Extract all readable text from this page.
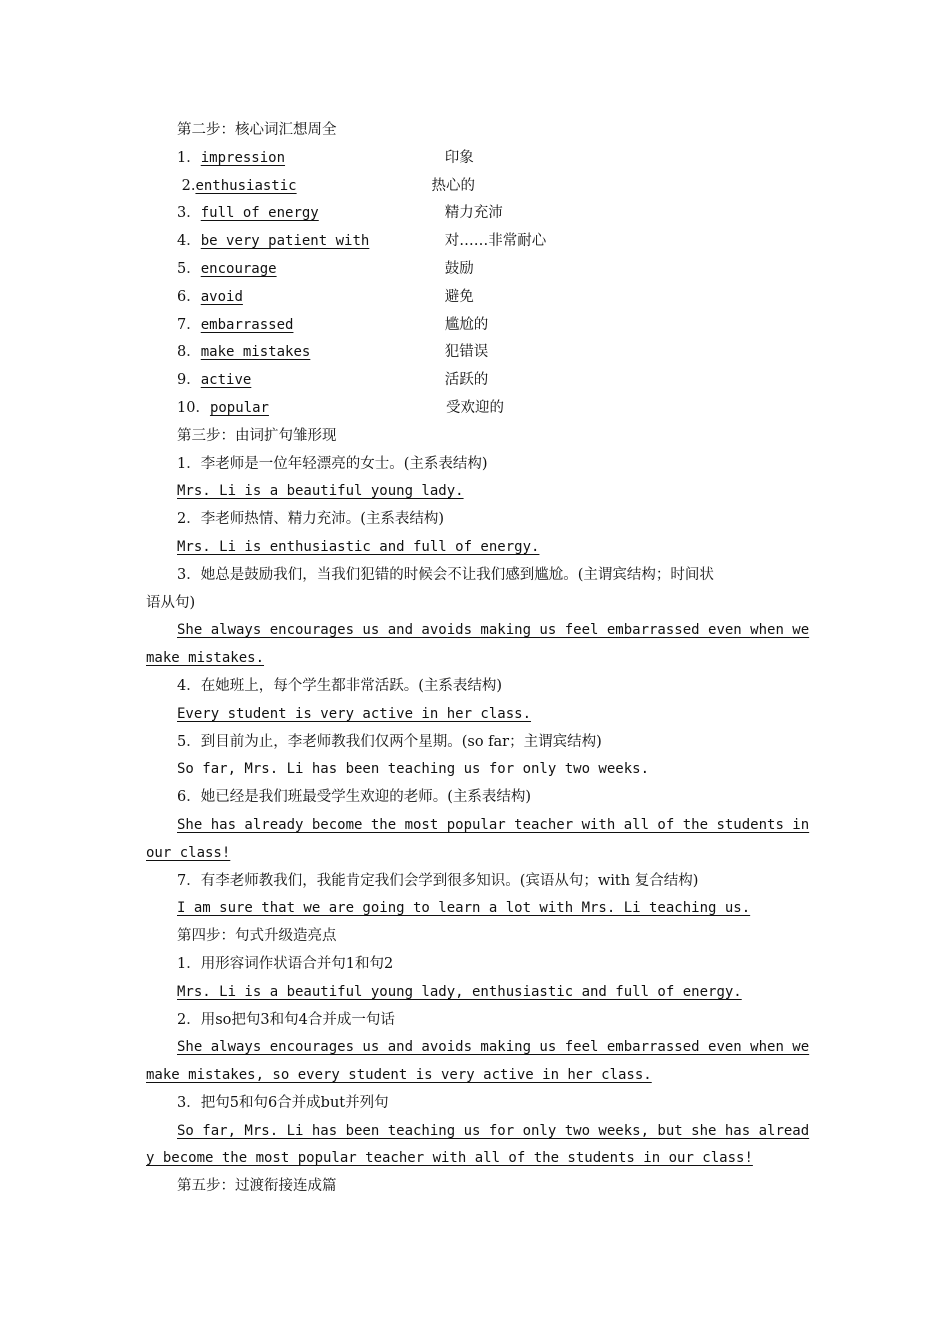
第二步：核心词汇想周全
1． impression	印象
2. enthusiastic	热心的
3． full of energy	精力充沛
4． be very patient with	对……非常耐心
5． encourage	鼓励
6． avoid	避免
7． embarrassed	尴尬的
8． make mistakes	犯错误
9． active	活跃的
10． popular	受欢迎的
第三步：由词扩句雏形现
1．李老师是一位年轻漂亮的女士。(主系表结构)
Mrs. Li is a beautiful young lady.
2．李老师热情、精力充沛。(主系表结构)
Mrs. Li is enthusiastic and full of energy.
3．她总是鼓励我们，当我们犯错的时候会不让我们感到尴尬。(主谓宾结构；时间状
语从句)
She always encourages us and avoids making us feel embarrassed even when we
make mistakes.
4．在她班上，每个学生都非常活跃。(主系表结构)
Every student is very active in her class.
5．到目前为止，李老师教我们仅两个星期。(so far；主谓宾结构)
So far, Mrs. Li has been teaching us for only two weeks.
6．她已经是我们班最受学生欢迎的老师。(主系表结构)
She has already become the most popular teacher with all of the students in
our class!
7．有李老师教我们，我能肯定我们会学到很多知识。(宾语从句；with 复合结构)
I am sure that we are going to learn a lot with Mrs. Li teaching us.
第四步：句式升级造亮点
1．用形容词作状语合并句1和句2
Mrs. Li is a beautiful young lady, enthusiastic and full of energy.
2．用so把句3和句4合并成一句话
She always encourages us and avoids making us feel embarrassed even when we
make mistakes, so every student is very active in her class.
3．把句5和句6合并成but并列句
So far, Mrs. Li has been teaching us for only two weeks, but she has alread
y become the most popular teacher with all of the students in our class!
第五步：过渡衔接连成篇
